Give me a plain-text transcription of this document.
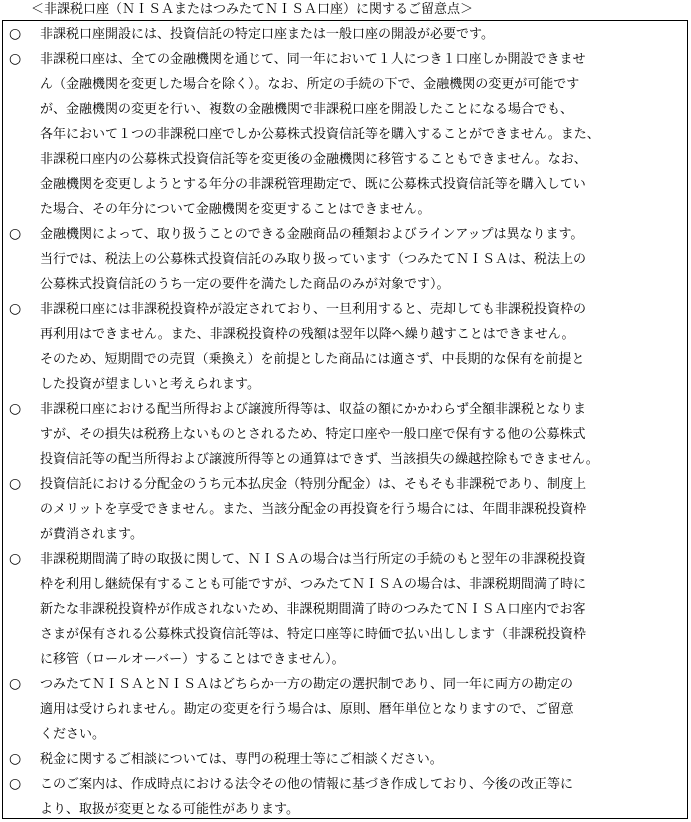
＜非課税口座（ＮＩＳＡまたはつみたてＮＩＳＡ口座）に関するご留意点＞
○ 非課税口座開設には、投資信託の特定口座または一般口座の開設が必要です。
○ 非課税口座は、全ての金融機関を通じて、同一年において１人につき１口座しか開設できませ
ん（金融機関を変更した場合を除く）。なお、所定の手続の下で、金融機関の変更が可能です
が、金融機関の変更を行い、複数の金融機関で非課税口座を開設したことになる場合でも、
各年において１つの非課税口座でしか公募株式投資信託等を購入することができません。また、
非課税口座内の公募株式投資信託等を変更後の金融機関に移管することもできません。なお、
金融機関を変更しようとする年分の非課税管理勘定で、既に公募株式投資信託等を購入してい
た場合、その年分について金融機関を変更することはできません。
○ 金融機関によって、取り扱うことのできる金融商品の種類およびラインアップは異なります。
当行では、税法上の公募株式投資信託のみ取り扱っています（つみたてＮＩＳＡは、税法上の
公募株式投資信託のうち一定の要件を満たした商品のみが対象です）。
○ 非課税口座には非課税投資枠が設定されており、一旦利用すると、売却しても非課税投資枠の
再利用はできません。また、非課税投資枠の残額は翌年以降へ繰り越すことはできません。
そのため、短期間での売買（乗換え）を前提とした商品には適さず、中長期的な保有を前提と
した投資が望ましいと考えられます。
○ 非課税口座における配当所得および譲渡所得等は、収益の額にかかわらず全額非課税となりま
すが、その損失は税務上ないものとされるため、特定口座や一般口座で保有する他の公募株式
投資信託等の配当所得および譲渡所得等との通算はできず、当該損失の繰越控除もできません。
○ 投資信託における分配金のうち元本払戻金（特別分配金）は、そもそも非課税であり、制度上
のメリットを享受できません。また、当該分配金の再投資を行う場合には、年間非課税投資枠
が費消されます。
○ 非課税期間満了時の取扱に関して、ＮＩＳＡの場合は当行所定の手続のもと翌年の非課税投資
枠を利用し継続保有することも可能ですが、つみたてＮＩＳＡの場合は、非課税期間満了時に
新たな非課税投資枠が作成されないため、非課税期間満了時のつみたてＮＩＳＡ口座内でお客
さまが保有される公募株式投資信託等は、特定口座等に時価で払い出しします（非課税投資枠
に移管（ロールオーバー）することはできません）。
○ つみたてＮＩＳＡとＮＩＳＡはどちらか一方の勘定の選択制であり、同一年に両方の勘定の
適用は受けられません。勘定の変更を行う場合は、原則、暦年単位となりますので、ご留意
ください。
○ 税金に関するご相談については、専門の税理士等にご相談ください。
○ このご案内は、作成時点における法令その他の情報に基づき作成しており、今後の改正等に
より、取扱が変更となる可能性があります。
